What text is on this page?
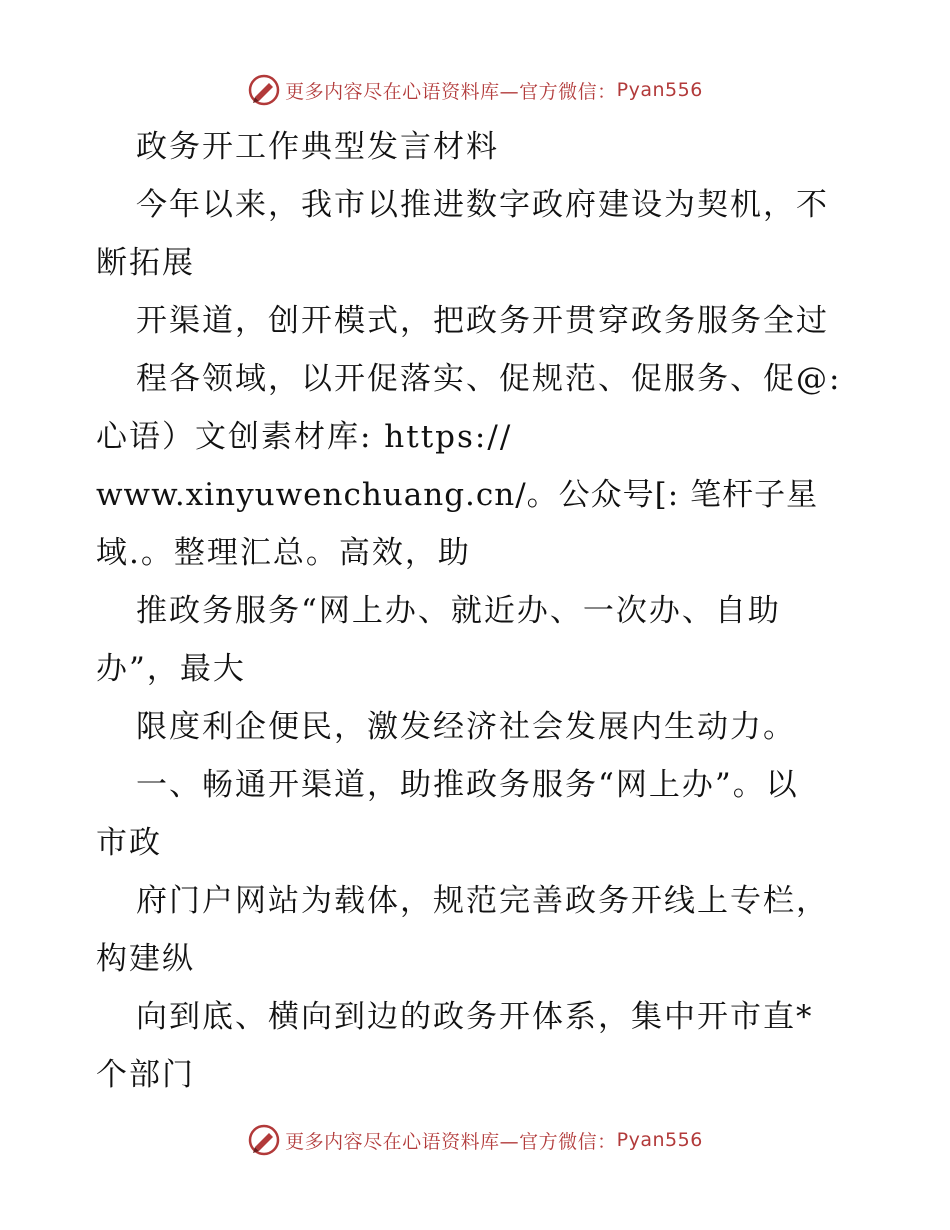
更多内容尽在心语资料库—官方微信： Pyan556
政务开工作典型发言材料
今年以来，我市以推进数字政府建设为契机，不
断拓展
开渠道，创开模式，把政务开贯穿政务服务全过
程各领域，以开促落实、促规范、促服务、促@:
心语）文创素材库: https://
www.xinyuwenchuang.cn/。公众号[: 笔杆子星
域.。整理汇总。高效，助
推政务服务“网上办、就近办、一次办、自助
办”，最大
限度利企便民，激发经济社会发展内生动力。
一、畅通开渠道，助推政务服务“网上办”。以
市政
府门户网站为载体，规范完善政务开线上专栏，
构建纵
向到底、横向到边的政务开体系，集中开市直*
个部门
更多内容尽在心语资料库—官方微信： Pyan556
